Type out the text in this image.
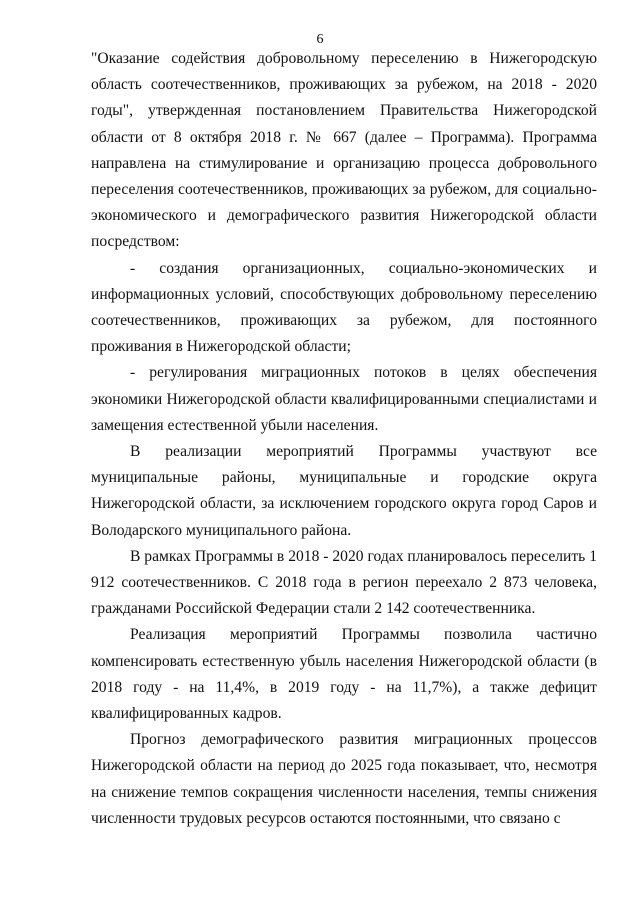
6

"Оказание содействия добровольному переселению в Нижегородскую область соотечественников, проживающих за рубежом, на 2018 - 2020 годы", утвержденная постановлением Правительства Нижегородской области от 8 октября 2018 г. № 667 (далее – Программа). Программа направлена на стимулирование и организацию процесса добровольного переселения соотечественников, проживающих за рубежом, для социально-экономического и демографического развития Нижегородской области посредством:

- создания организационных, социально-экономических и информационных условий, способствующих добровольному переселению соотечественников, проживающих за рубежом, для постоянного проживания в Нижегородской области;

- регулирования миграционных потоков в целях обеспечения экономики Нижегородской области квалифицированными специалистами и замещения естественной убыли населения.

В реализации мероприятий Программы участвуют все муниципальные районы, муниципальные и городские округа Нижегородской области, за исключением городского округа город Саров и Володарского муниципального района.

В рамках Программы в 2018 - 2020 годах планировалось переселить 1 912 соотечественников. С 2018 года в регион переехало 2 873 человека, гражданами Российской Федерации стали 2 142 соотечественника.

Реализация мероприятий Программы позволила частично компенсировать естественную убыль населения Нижегородской области (в 2018 году - на 11,4%, в 2019 году - на 11,7%), а также дефицит квалифицированных кадров.

Прогноз демографического развития миграционных процессов Нижегородской области на период до 2025 года показывает, что, несмотря на снижение темпов сокращения численности населения, темпы снижения численности трудовых ресурсов остаются постоянными, что связано с
